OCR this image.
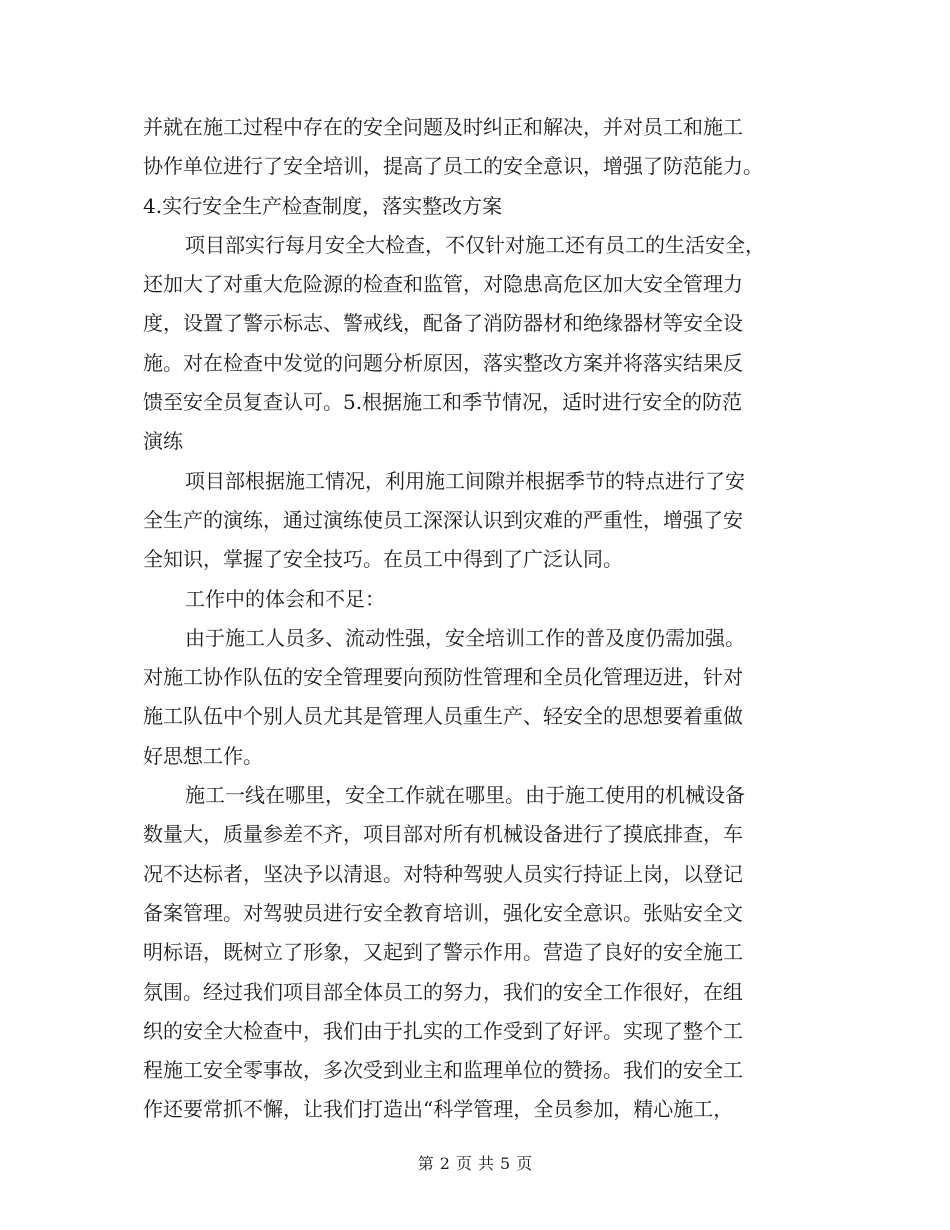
并就在施工过程中存在的安全问题及时纠正和解决，并对员工和施工
协作单位进行了安全培训，提高了员工的安全意识，增强了防范能力。
4.实行安全生产检查制度，落实整改方案
项目部实行每月安全大检查，不仅针对施工还有员工的生活安全，
还加大了对重大危险源的检查和监管，对隐患高危区加大安全管理力
度，设置了警示标志、警戒线，配备了消防器材和绝缘器材等安全设
施。对在检查中发觉的问题分析原因，落实整改方案并将落实结果反
馈至安全员复查认可。5.根据施工和季节情况，适时进行安全的防范
演练
项目部根据施工情况，利用施工间隙并根据季节的特点进行了安
全生产的演练，通过演练使员工深深认识到灾难的严重性，增强了安
全知识，掌握了安全技巧。在员工中得到了广泛认同。
工作中的体会和不足：
由于施工人员多、流动性强，安全培训工作的普及度仍需加强。
对施工协作队伍的安全管理要向预防性管理和全员化管理迈进，针对
施工队伍中个别人员尤其是管理人员重生产、轻安全的思想要着重做
好思想工作。
施工一线在哪里，安全工作就在哪里。由于施工使用的机械设备
数量大，质量参差不齐，项目部对所有机械设备进行了摸底排查，车
况不达标者，坚决予以清退。对特种驾驶人员实行持证上岗，以登记
备案管理。对驾驶员进行安全教育培训，强化安全意识。张贴安全文
明标语，既树立了形象，又起到了警示作用。营造了良好的安全施工
氛围。经过我们项目部全体员工的努力，我们的安全工作很好，在组
织的安全大检查中，我们由于扎实的工作受到了好评。实现了整个工
程施工安全零事故，多次受到业主和监理单位的赞扬。我们的安全工
作还要常抓不懈，让我们打造出“科学管理，全员参加，精心施工，
第 2 页 共 5 页
